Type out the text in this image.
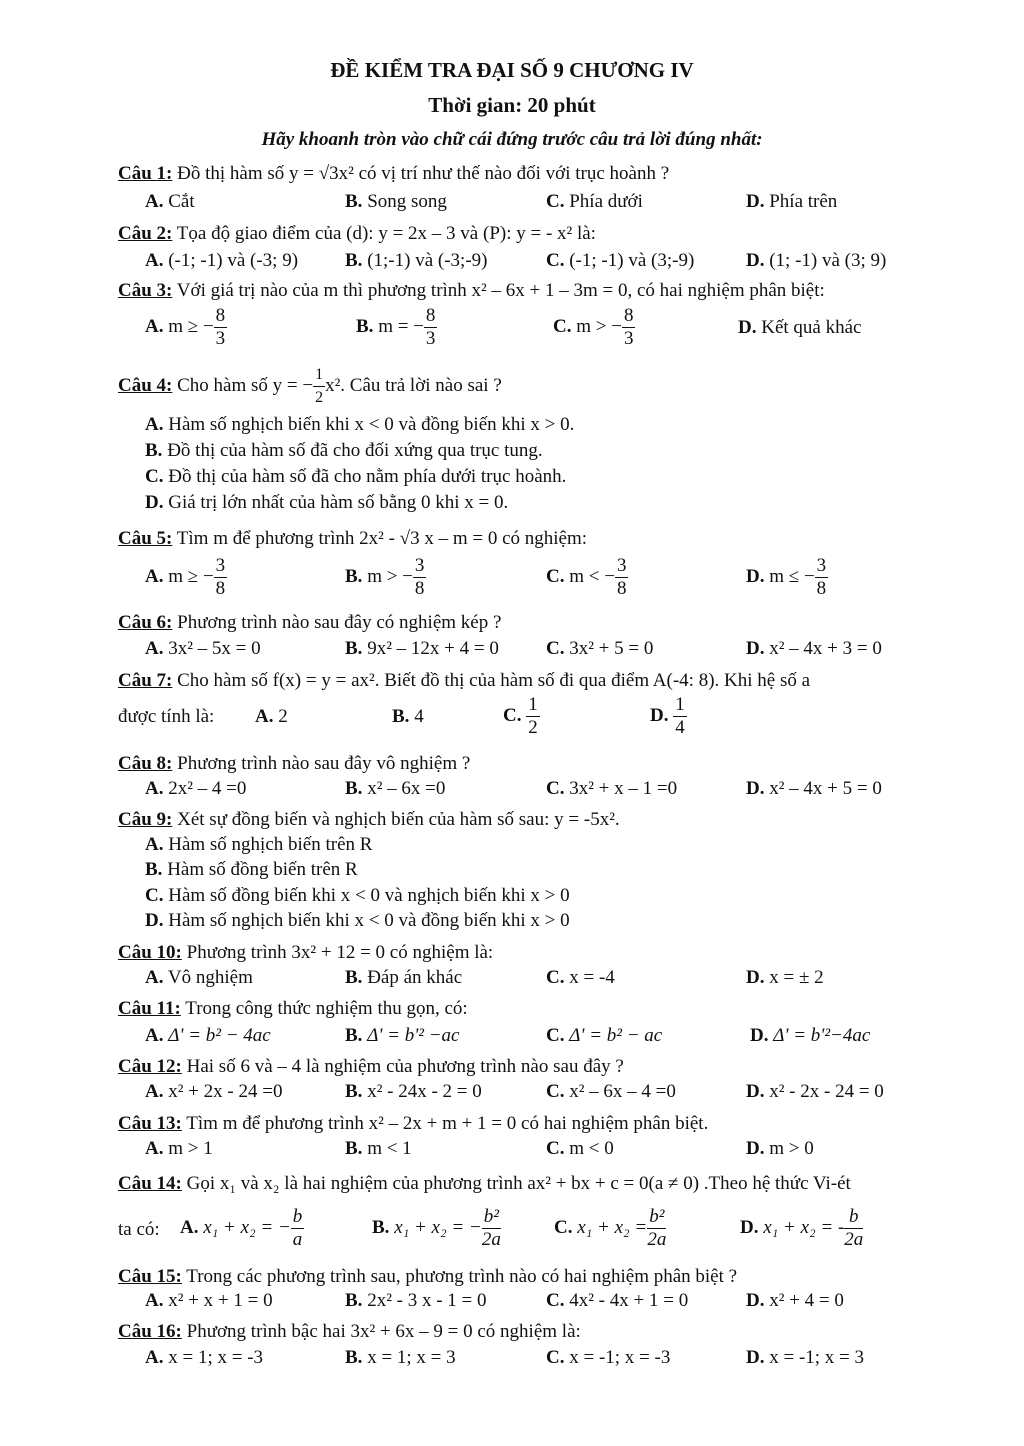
ĐỀ KIỂM TRA ĐẠI SỐ 9 CHƯƠNG IV
Thời gian: 20 phút
Hãy khoanh tròn vào chữ cái đứng trước câu trả lời đúng nhất:
Câu 1: Đồ thị hàm số y = √3x² có vị trí như thế nào đối với trục hoành ?
A. Cắt	B. Song song	C. Phía dưới	D. Phía trên
Câu 2: Tọa độ giao điểm của (d): y = 2x – 3 và (P): y = - x² là:
A. (-1; -1) và (-3; 9) B. (1;-1) và (-3;-9)	C. (-1; -1) và (3;-9)	D. (1; -1) và (3; 9)
Câu 3: Với giá trị nào của m thì phương trình x² – 6x + 1 – 3m = 0, có hai nghiệm phân biệt:
A. m ≥ − $\frac{8}{3}$	B. m = − $\frac{8}{3}$	C. m > − $\frac{8}{3}$	D. Kết quả khác
Câu 4: Cho hàm số y = − $\frac{1}{2} x^2$. Câu trả lời nào sai ?
A. Hàm số nghịch biến khi x < 0 và đồng biến khi x > 0.
B. Đồ thị của hàm số đã cho đối xứng qua trục tung.
C. Đồ thị của hàm số đã cho nằm phía dưới trục hoành.
D. Giá trị lớn nhất của hàm số bằng 0 khi x = 0.
Câu 5: Tìm m để phương trình 2x² - √3 x – m = 0 có nghiệm:
A. m ≥ − $\frac{3}{8}$	B. m > − $\frac{3}{8}$	C. m < − $\frac{3}{8}$	D. m ≤ − $\frac{3}{8}$
Câu 6: Phương trình nào sau đây có nghiệm kép ?
A. 3x² – 5x = 0	B. 9x² – 12x + 4 = 0 C. 3x² + 5 = 0	D. x² – 4x + 3 = 0
Câu 7: Cho hàm số f(x) = y = ax². Biết đồ thị của hàm số đi qua điểm A(-4: 8). Khi hệ số a
được tính là: A. 2	B. 4	C. $\frac{1}{2}$	D. $\frac{1}{4}$
Câu 8: Phương trình nào sau đây vô nghiệm ?
A. 2x² – 4 =0	B. x² – 6x =0	C. 3x² + x – 1 =0	D. x² – 4x + 5 = 0
Câu 9: Xét sự đồng biến và nghịch biến của hàm số sau: y = -5x².
A. Hàm số nghịch biến trên R
B. Hàm số đồng biến trên R
C. Hàm số đồng biến khi x < 0 và nghịch biến khi x > 0
D. Hàm số nghịch biến khi x < 0 và đồng biến khi x > 0
Câu 10: Phương trình 3x² + 12 = 0 có nghiệm là:
A. Vô nghiệm	B. Đáp án khác	C. x = -4	D. x = ± 2
Câu 11: Trong công thức nghiệm thu gọn, có:
A. Δ' = b² − 4ac	B. Δ' = b'² −ac	C. Δ' = b² − ac	D. Δ' = b'²−4ac
Câu 12: Hai số 6 và – 4 là nghiệm của phương trình nào sau đây ?
A. x² + 2x - 24 =0	B. x² - 24x - 2 = 0	C. x² – 6x – 4 =0	D. x² - 2x - 24 = 0
Câu 13: Tìm m để phương trình x² – 2x + m + 1 = 0 có hai nghiệm phân biệt.
A. m > 1	B. m < 1	C. m < 0	D. m > 0
Câu 14: Gọi x₁ và x₂ là hai nghiệm của phương trình ax² + bx + c = 0(a ≠ 0) .Theo hệ thức Vi-ét
ta có: A. x₁ + x₂ = − $\frac{b}{a}$	B. x₁ + x₂ = − $\frac{\text{b²}}{2a}$	C. $x_1 + x_2 = \frac{\text{b²}}{2a}$	D. x₁ + x₂ = - $\frac{b}{2a}$
Câu 15: Trong các phương trình sau, phương trình nào có hai nghiệm phân biệt ?
A. x² + x + 1 = 0	B. 2x² - 3 x - 1 = 0	C. 4x² - 4x + 1 = 0	D. x² + 4 = 0
Câu 16: Phương trình bậc hai 3x² + 6x – 9 = 0 có nghiệm là:
A. x = 1; x = -3	B. x = 1; x = 3	C. x = -1; x = -3	D. x = -1; x = 3
